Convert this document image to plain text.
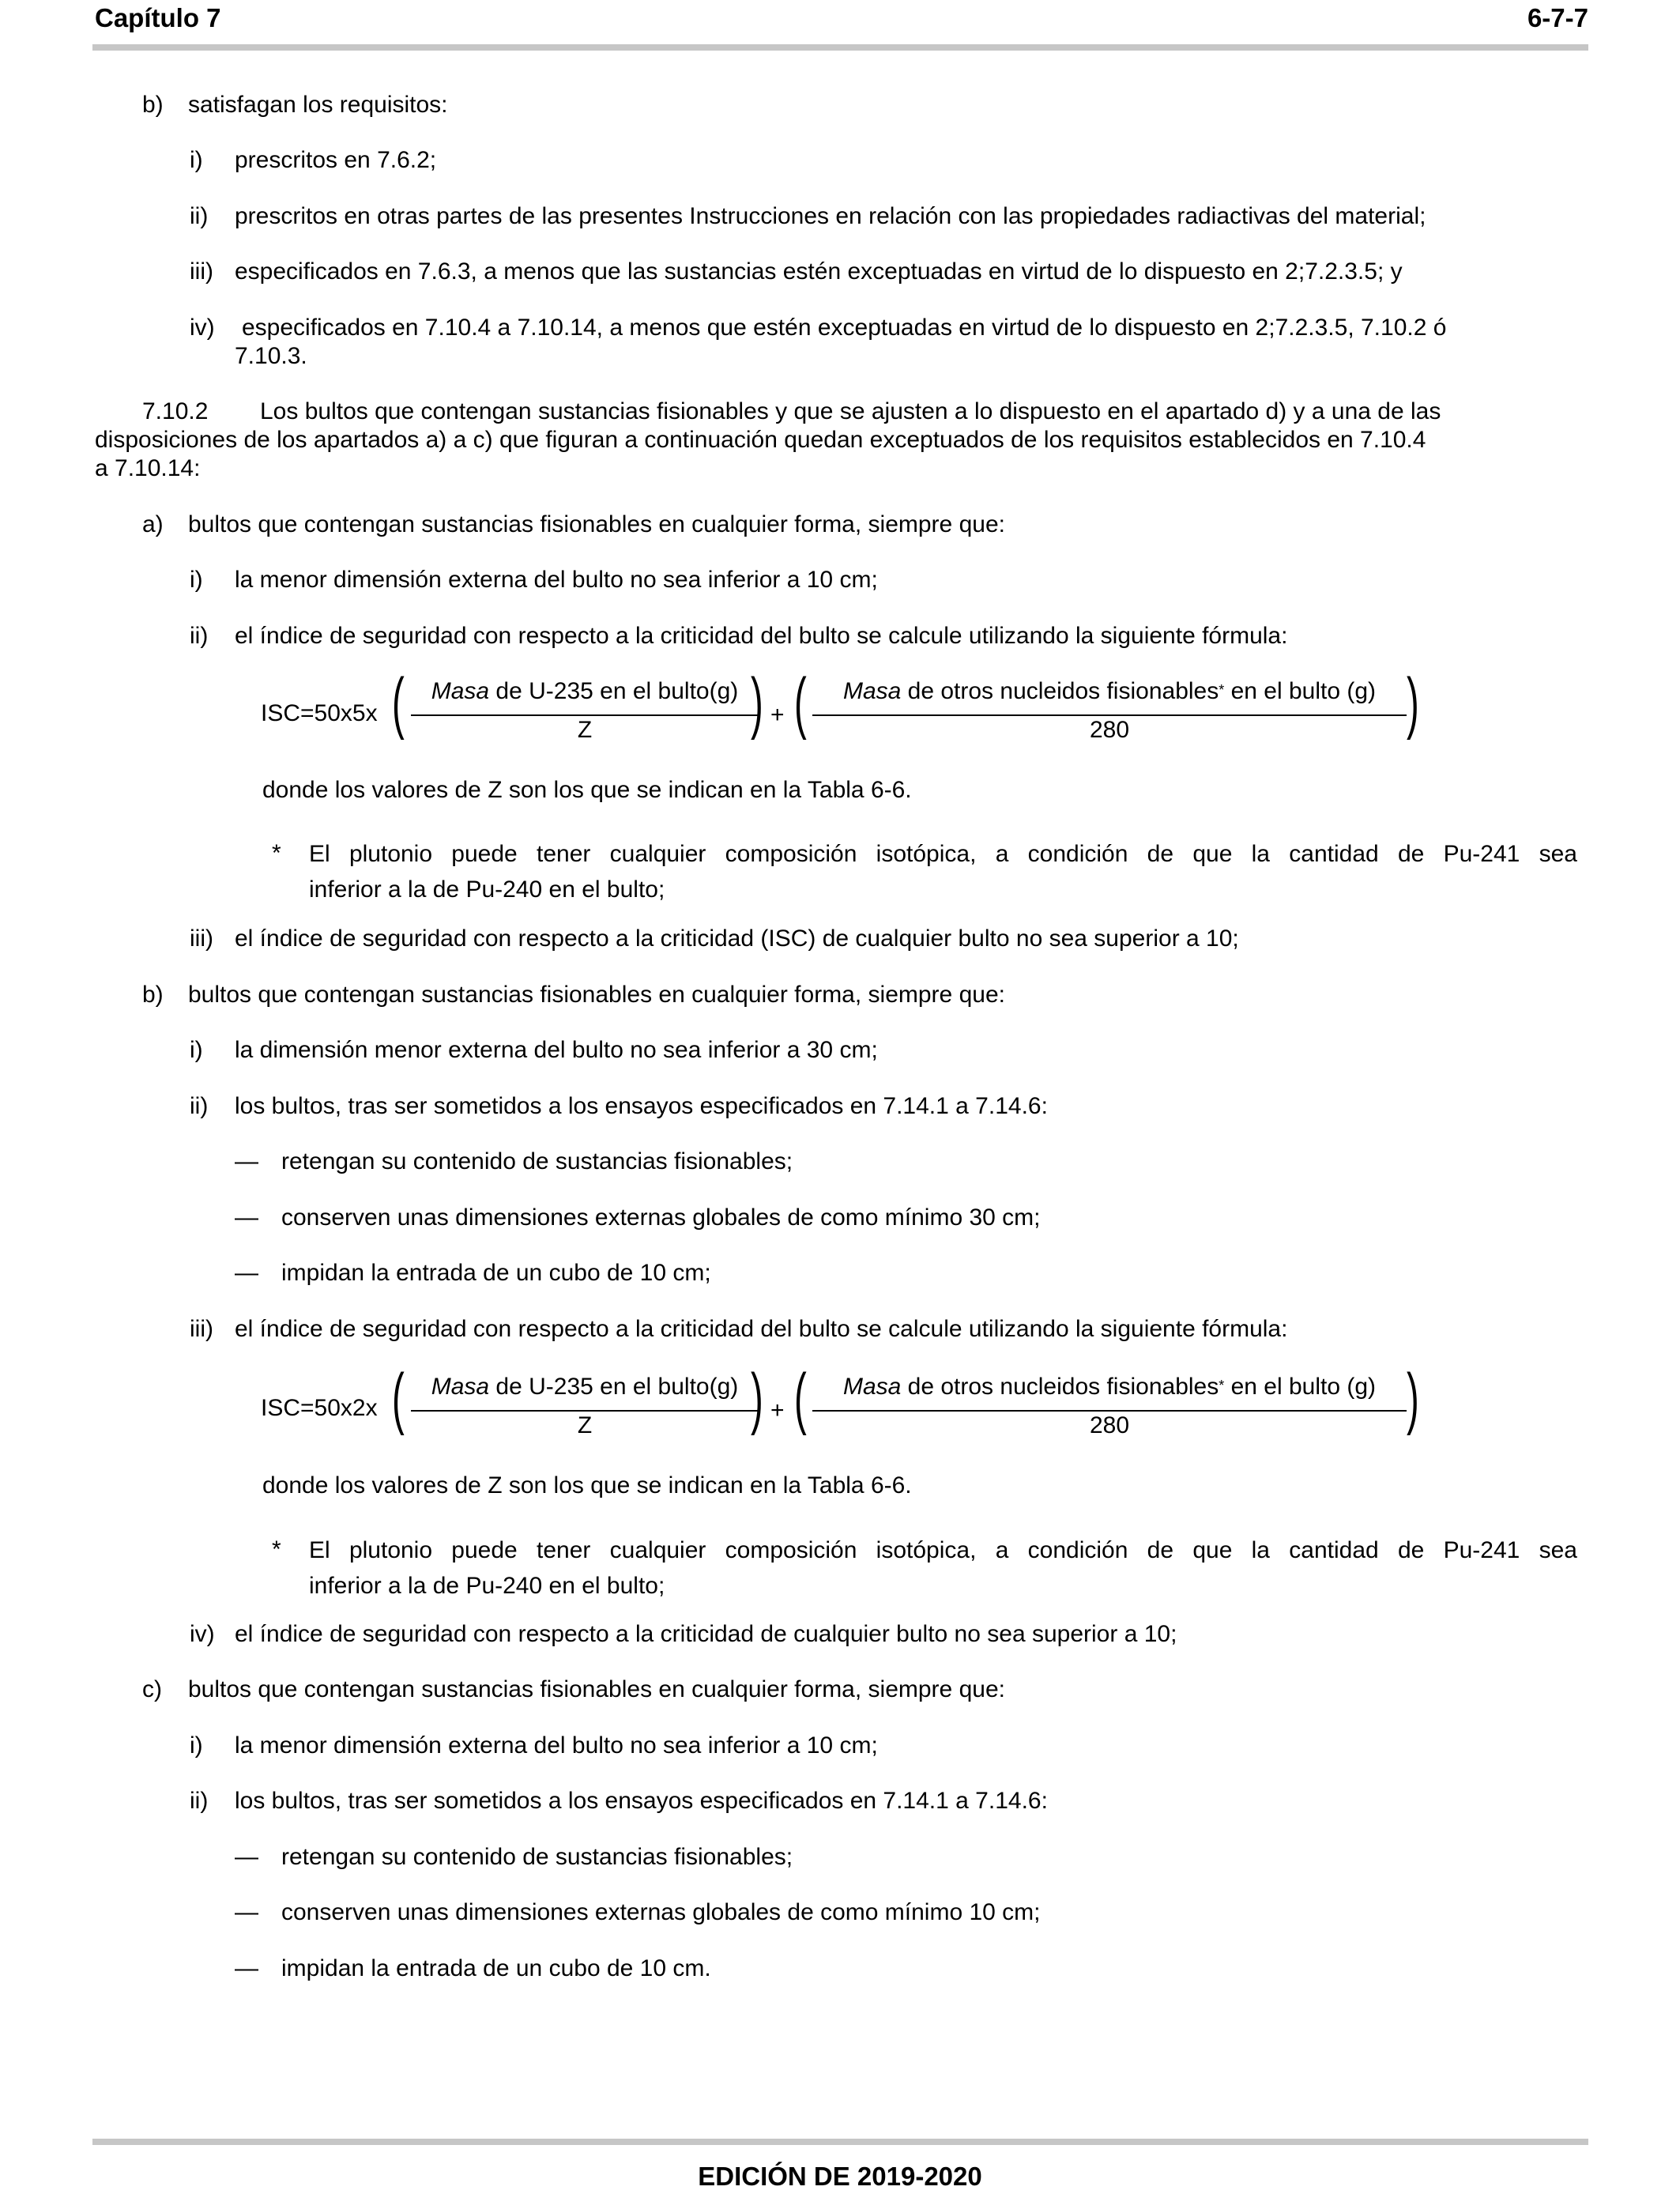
Capítulo 7	6-7-7
b) satisfagan los requisitos:
i) prescritos en 7.6.2;
ii) prescritos en otras partes de las presentes Instrucciones en relación con las propiedades radiactivas del material;
iii) especificados en 7.6.3, a menos que las sustancias estén exceptuadas en virtud de lo dispuesto en 2;7.2.3.5; y
iv) especificados en 7.10.4 a 7.10.14, a menos que estén exceptuadas en virtud de lo dispuesto en 2;7.2.3.5, 7.10.2 ó
7.10.3.
7.10.2 Los bultos que contengan sustancias fisionables y que se ajusten a lo dispuesto en el apartado d) y a una de las
disposiciones de los apartados a) a c) que figuran a continuación quedan exceptuados de los requisitos establecidos en 7.10.4
a 7.10.14:
a) bultos que contengan sustancias fisionables en cualquier forma, siempre que:
i) la menor dimensión externa del bulto no sea inferior a 10 cm;
ii) el índice de seguridad con respecto a la criticidad del bulto se calcule utilizando la siguiente fórmula:
ISC=50x5x (	Masa de U-235 en el bulto(g)
Z	) + (	Masa de otros nucleidos fisionables* en el bulto (g)
280	)
donde los valores de Z son los que se indican en la Tabla 6-6.
* El plutonio puede tener cualquier composición isotópica, a condición de que la cantidad de Pu-241 sea
inferior a la de Pu-240 en el bulto;
iii) el índice de seguridad con respecto a la criticidad (ISC) de cualquier bulto no sea superior a 10;
b) bultos que contengan sustancias fisionables en cualquier forma, siempre que:
i) la dimensión menor externa del bulto no sea inferior a 30 cm;
ii) los bultos, tras ser sometidos a los ensayos especificados en 7.14.1 a 7.14.6:
— retengan su contenido de sustancias fisionables;
— conserven unas dimensiones externas globales de como mínimo 30 cm;
— impidan la entrada de un cubo de 10 cm;
iii) el índice de seguridad con respecto a la criticidad del bulto se calcule utilizando la siguiente fórmula:
ISC=50x2x (	Masa de U-235 en el bulto(g)
Z	) + (	Masa de otros nucleidos fisionables* en el bulto (g)
280	)
donde los valores de Z son los que se indican en la Tabla 6-6.
* El plutonio puede tener cualquier composición isotópica, a condición de que la cantidad de Pu-241 sea
inferior a la de Pu-240 en el bulto;
iv) el índice de seguridad con respecto a la criticidad de cualquier bulto no sea superior a 10;
c) bultos que contengan sustancias fisionables en cualquier forma, siempre que:
i) la menor dimensión externa del bulto no sea inferior a 10 cm;
ii) los bultos, tras ser sometidos a los ensayos especificados en 7.14.1 a 7.14.6:
— retengan su contenido de sustancias fisionables;
— conserven unas dimensiones externas globales de como mínimo 10 cm;
— impidan la entrada de un cubo de 10 cm.
EDICIÓN DE 2019-2020
